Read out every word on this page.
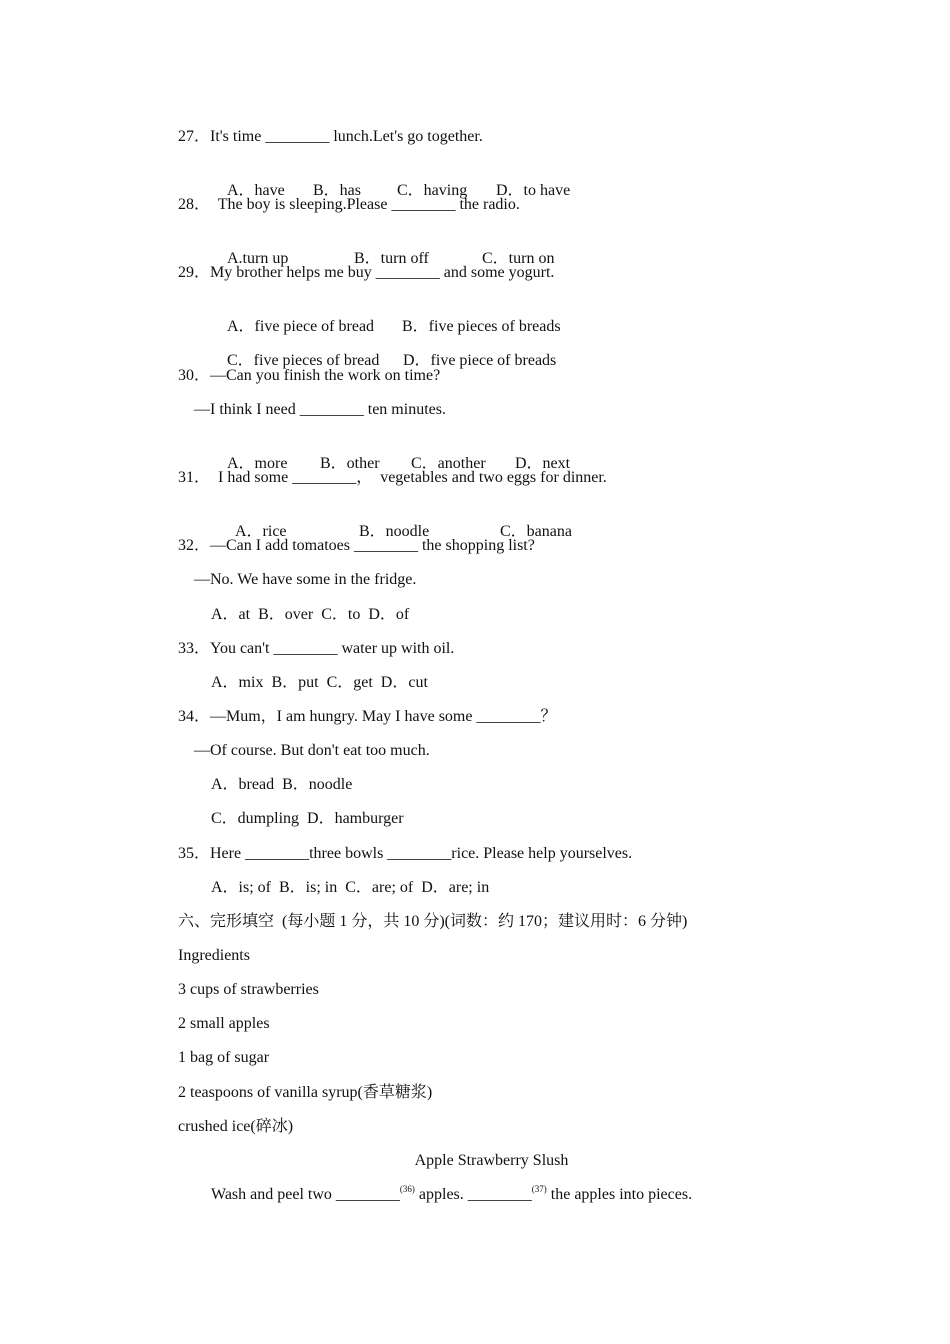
27．It's time ________ lunch.Let's go together.

A．have B．has C．having D．to have

28．  The boy is sleeping.Please ________ the radio.

A.turn up	B．turn off	C．turn on

29．My brother helps me buy ________ and some yogurt.

A．five piece of bread B．five pieces of breads

C．five pieces of bread D．five piece of breads

30．—Can you finish the work on time?
—I think I need ________ ten minutes.

A．more B．other C．another D．next

31．  I had some ________，  vegetables and two eggs for dinner.

A．rice	B．noodle	C．banana

32．—Can I add tomatoes ________ the shopping list?
—No. We have some in the fridge.
A．at  B．over  C．to  D．of
33．You can't ________ water up with oil.
A．mix  B．put  C．get  D．cut
34．—Mum，I am hungry. May I have some ________？
—Of course. But don't eat too much.
A．bread  B．noodle
C．dumpling  D．hamburger
35．Here ________three bowls ________rice. Please help yourselves.
A．is; of  B．is; in  C．are; of  D．are; in
六、完形填空  (每小题 1 分，共 10 分)(词数：约 170；建议用时：6 分钟)
Ingredients
3 cups of strawberries
2 small apples
1 bag of sugar
2 teaspoons of vanilla syrup(香草糖浆)
crushed ice(碎冰)
Apple Strawberry Slush
Wash and peel two ________$^{(36)}$ apples. ________$^{(37)}$ the apples into pieces.
